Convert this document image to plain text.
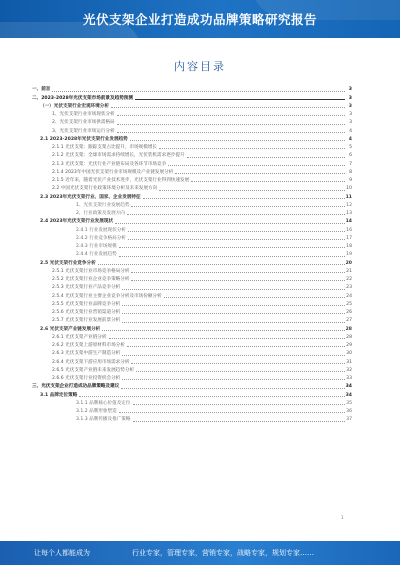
光伏支架企业打造成功品牌策略研究报告
内容目录
一、前言	3
二、2023-2028年光伏支架市场前景及趋势预测	3
（一）光伏支架行业宏观环境分析	3
1、光伏支架行业市场现状分析	3
2、光伏支架行业市场供需格局	3
3、光伏支架行业市场运行分析	4
2.1 2023-2028年光伏支架行业发展趋势	4
2.1.1 光伏支架：跟踪支架占比提升，市场规模增长	5
2.1.2 光伏支架：全球市场需求持续增长，光伏装机需求逐步提升	6
2.1.3 光伏支架：光伏行业产业链布局及各环节市场竞争	7
2.1.4 2023年中国光伏支架行业市场规模及产业链发展分析	8
2.1.5 近年来，随着光伏产业技术进步，光伏支架行业得到快速发展	9
2.2 中国光伏支架行业政策环境分析及未来发展方向	10
2.3 2023年光伏支架行业、国家、企业发展特征	11
1、光伏支架行业发展趋势	12
2、行业政策及发展方向	13
2.4 2023年光伏支架行业发展现状	14
2.4.1 行业发展现状分析	16
2.4.2 行业竞争格局分析	17
2.4.3 行业市场规模	18
2.4.4 行业发展趋势	19
2.5 光伏支架行业竞争分析	20
2.5.1 光伏支架行业市场竞争格局分析	21
2.5.2 光伏支架行业企业竞争策略分析	22
2.5.3 光伏支架行业产品竞争分析	23
2.5.4 光伏支架行业主要企业竞争分析及市场份额分析	24
2.5.5 光伏支架行业品牌竞争分析	25
2.5.6 光伏支架行业营销渠道分析	26
2.5.7 光伏支架行业发展前景分析	27
2.6 光伏支架产业链发展分析	28
2.6.1 光伏支架产业链分析	28
2.6.2 光伏支架上游原材料市场分析	29
2.6.3 光伏支架中游生产制造分析	30
2.6.4 光伏支架下游应用市场需求分析	31
2.6.5 光伏支架产业链未来发展趋势分析	32
2.6.6 光伏支架行业投资机会分析	33
三、光伏支架企业打造成功品牌策略及建议	34
3.1 品牌定位策略	34
3.1.1 品牌核心价值及定位	35
3.1.2 品牌形象塑造	36
3.1.3 品牌传播及推广策略	37
1
让每个人都能成为	行业专家，管理专家，营销专家，战略专家，规划专家……
